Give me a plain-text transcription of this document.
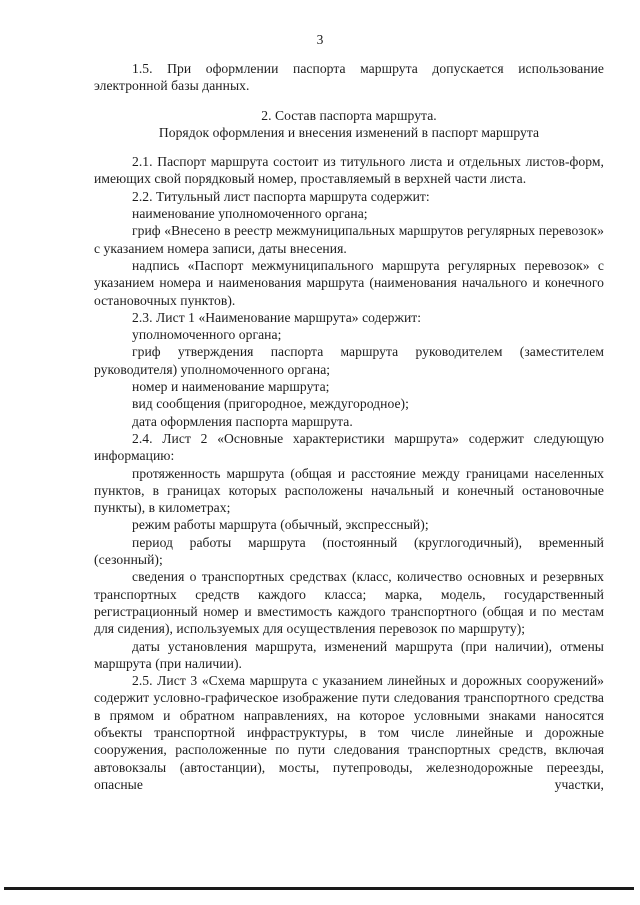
3

1.5. При оформлении паспорта маршрута допускается использование электронной базы данных.

2. Состав паспорта маршрута.

Порядок оформления и внесения изменений в паспорт маршрута

2.1. Паспорт маршрута состоит из титульного листа и отдельных листов-форм, имеющих свой порядковый номер, проставляемый в верхней части листа.

2.2. Титульный лист паспорта маршрута содержит:

наименование уполномоченного органа;

гриф «Внесено в реестр межмуниципальных маршрутов регулярных перевозок» с указанием номера записи, даты внесения.

надпись «Паспорт межмуниципального маршрута регулярных перевозок» с указанием номера и наименования маршрута (наименования начального и конечного остановочных пунктов).

2.3. Лист 1 «Наименование маршрута» содержит:

уполномоченного органа;

гриф утверждения паспорта маршрута руководителем (заместителем руководителя) уполномоченного органа;

номер и наименование маршрута;

вид сообщения (пригородное, междугородное);

дата оформления паспорта маршрута.

2.4. Лист 2 «Основные характеристики маршрута» содержит следующую информацию:

протяженность маршрута (общая и расстояние между границами населенных пунктов, в границах которых расположены начальный и конечный остановочные пункты), в километрах;

режим работы маршрута (обычный, экспрессный);

период работы маршрута (постоянный (круглогодичный), временный (сезонный);

сведения о транспортных средствах (класс, количество основных и резервных транспортных средств каждого класса; марка, модель, государственный регистрационный номер и вместимость каждого транспортного (общая и по местам для сидения), используемых для осуществления перевозок по маршруту);

даты установления маршрута, изменений маршрута (при наличии), отмены маршрута (при наличии).

2.5. Лист 3 «Схема маршрута с указанием линейных и дорожных сооружений» содержит условно-графическое изображение пути следования транспортного средства в прямом и обратном направлениях, на которое условными знаками наносятся объекты транспортной инфраструктуры, в том числе линейные и дорожные сооружения, расположенные по пути следования транспортных средств, включая автовокзалы (автостанции), мосты, путепроводы, железнодорожные переезды, опасные участки,
